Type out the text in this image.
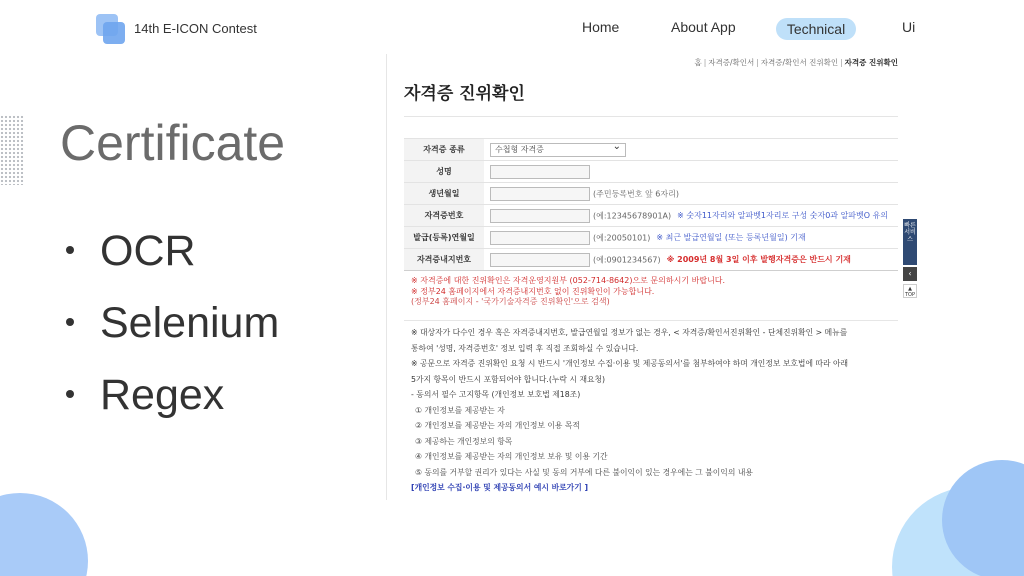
14th E-ICON Contest	Home	About App	Technical	Ui
Certificate
OCR
Selenium
Regex
홈 | 자격증/확인서 | 자격증/확인서 진위확인 | 자격증 진위확인
자격증 진위확인
자격증 종류	수첩형 자격증 ⌄
성명	
생년월일	(주민등록번호 앞 6자리)
자격증번호	(예:12345678901A) ※ 숫자11자리와 알파벳1자리로 구성 숫자0과 알파벳O 유의
발급(등록)연월일	(예:20050101) ※ 최근 발급연월일 (또는 등록년월일) 기재
자격증내지번호	(예:0901234567) ※ 2009년 8월 3일 이후 발행자격증은 반드시 기재
※ 자격증에 대한 진위확인은 자격운영지원부 (052-714-8642)으로 문의하시기 바랍니다.
※ 정부24 홈페이지에서 자격증내지번호 없이 진위확인이 가능합니다.
(정부24 홈페이지 - '국가기술자격증 진위확인'으로 검색)
※ 대상자가 다수인 경우 혹은 자격증내지번호, 발급연월일 정보가 없는 경우, < 자격증/확인서진위확인 - 단체진위확인 > 메뉴를
통하여 '성명, 자격증번호' 정보 입력 후 직접 조회하실 수 있습니다.
※ 공문으로 자격증 진위확인 요청 시 반드시 '개인정보 수집·이용 및 제공동의서'를 첨부하여야 하며 개인정보 보호법에 따라 아래
5가지 항목이 반드시 포함되어야 합니다.(누락 시 재요청)
- 동의서 필수 고지항목 (개인정보 보호법 제18조)
① 개인정보를 제공받는 자
② 개인정보를 제공받는 자의 개인정보 이용 목적
③ 제공하는 개인정보의 항목
④ 개인정보를 제공받는 자의 개인정보 보유 및 이용 기간
⑤ 동의를 거부할 권리가 있다는 사실 및 동의 거부에 다른 불이익이 있는 경우에는 그 불이익의 내용
[개인정보 수집·이용 및 제공동의서 예시 바로가기 ]
빠른서비스
‹
▲
TOP
